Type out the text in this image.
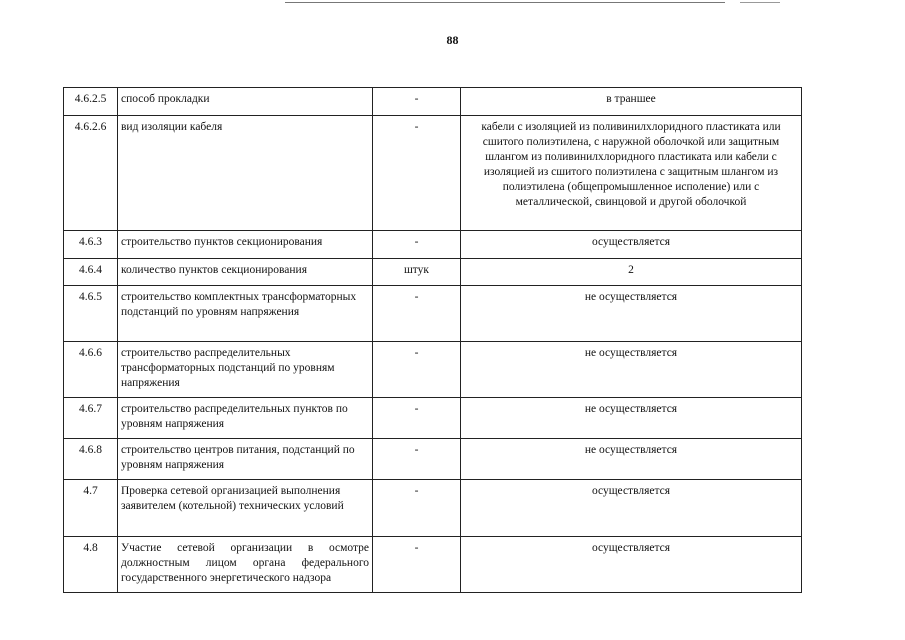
88
4.6.2.5	способ прокладки	-	в траншее
4.6.2.6	вид изоляции кабеля	-	кабели с изоляцией из поливинилхлоридного пластиката или сшитого полиэтилена, с наружной оболочкой или защитным шлангом из поливинилхлоридного пластиката или кабели с изоляцией из сшитого полиэтилена с защитным шлангом из полиэтилена (общепромышленное исполение) или с металлической, свинцовой и другой оболочкой
4.6.3	строительство пунктов секционирования	-	осуществляется
4.6.4	количество пунктов секционирования	штук	2
4.6.5	строительство комплектных трансформаторных подстанций по уровням напряжения	-	не осуществляется
4.6.6	строительство распределительных трансформаторных подстанций по уровням напряжения	-	не осуществляется
4.6.7	строительство распределительных пунктов по уровням напряжения	-	не осуществляется
4.6.8	строительство центров питания, подстанций по уровням напряжения	-	не осуществляется
4.7	Проверка сетевой организацией выполнения заявителем (котельной) технических условий	-	осуществляется
4.8	Участие сетевой организации в осмотре должностным лицом органа федерального государственного энергетического надзора	-	осуществляется
